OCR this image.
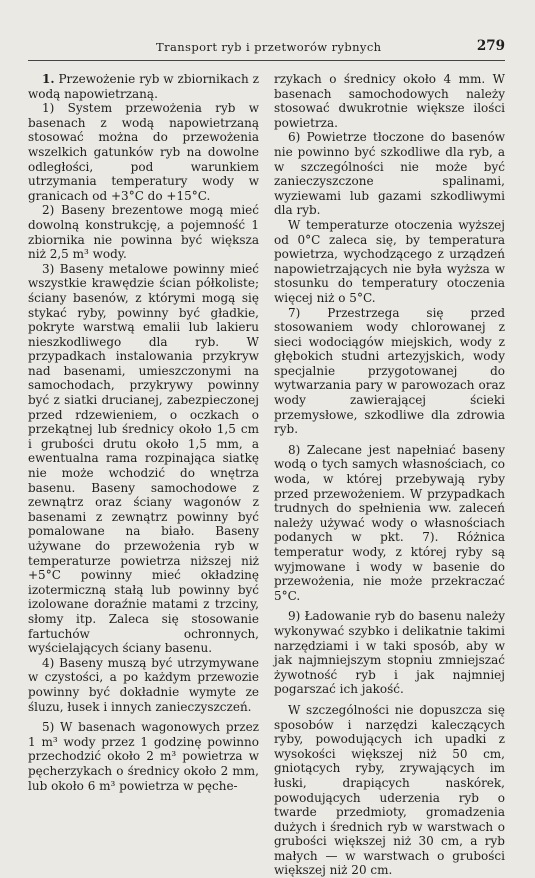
Transport ryb i przetworów rybnych	279

1. Przewożenie ryb w zbiornikach z wodą napowietrzaną.

1) System przewożenia ryb w basenach z wodą napowietrzaną stosować można do przewożenia wszelkich gatunków ryb na dowolne odległości, pod warunkiem utrzymania temperatury wody w granicach od +3°C do +15°C.

2) Baseny brezentowe mogą mieć dowolną konstrukcję, a pojemność 1 zbiornika nie powinna być większa niż 2,5 m³ wody.

3) Baseny metalowe powinny mieć wszystkie krawędzie ścian półkoliste; ściany basenów, z którymi mogą się stykać ryby, powinny być gładkie, pokryte warstwą emalii lub lakieru nieszkodliwego dla ryb. W przypadkach instalowania przykryw nad basenami, umieszczonymi na samochodach, przykrywy powinny być z siatki drucianej, zabezpieczonej przed rdzewieniem, o oczkach o przekątnej lub średnicy około 1,5 cm i grubości drutu około 1,5 mm, a ewentualna rama rozpinająca siatkę nie może wchodzić do wnętrza basenu. Baseny samochodowe z zewnątrz oraz ściany wagonów z basenami z zewnątrz powinny być pomalowane na biało. Baseny używane do przewożenia ryb w temperaturze powietrza niższej niż +5°C powinny mieć okładzinę izotermiczną stałą lub powinny być izolowane doraźnie matami z trzciny, słomy itp. Zaleca się stosowanie fartuchów ochronnych, wyścielających ściany basenu.

4) Baseny muszą być utrzymywane w czystości, a po każdym przewozie powinny być dokładnie wymyte ze śluzu, łusek i innych zanieczyszczeń.

5) W basenach wagonowych przez 1 m³ wody przez 1 godzinę powinno przechodzić około 2 m³ powietrza w pęcherzykach o średnicy około 2 mm, lub około 6 m³ powietrza w pęche-

rzykach o średnicy około 4 mm. W basenach samochodowych należy stosować dwukrotnie większe ilości powietrza.

6) Powietrze tłoczone do basenów nie powinno być szkodliwe dla ryb, a w szczególności nie może być zanieczyszczone spalinami, wyziewami lub gazami szkodliwymi dla ryb.

W temperaturze otoczenia wyższej od 0°C zaleca się, by temperatura powietrza, wychodzącego z urządzeń napowietrzających nie była wyższa w stosunku do temperatury otoczenia więcej niż o 5°C.

7) Przestrzega się przed stosowaniem wody chlorowanej z sieci wodociągów miejskich, wody z głębokich studni artezyjskich, wody specjalnie przygotowanej do wytwarzania pary w parowozach oraz wody zawierającej ścieki przemysłowe, szkodliwe dla zdrowia ryb.

8) Zalecane jest napełniać baseny wodą o tych samych własnościach, co woda, w której przebywają ryby przed przewożeniem. W przypadkach trudnych do spełnienia ww. zaleceń należy używać wody o własnościach podanych w pkt. 7). Różnica temperatur wody, z której ryby są wyjmowane i wody w basenie do przewożenia, nie może przekraczać 5°C.

9) Ładowanie ryb do basenu należy wykonywać szybko i delikatnie takimi narzędziami i w taki sposób, aby w jak najmniejszym stopniu zmniejszać żywotność ryb i jak najmniej pogarszać ich jakość.

W szczególności nie dopuszcza się sposobów i narzędzi kaleczących ryby, powodujących ich upadki z wysokości większej niż 50 cm, gniotących ryby, zrywających im łuski, drapiących naskórek, powodujących uderzenia ryb o twarde przedmioty, gromadzenia dużych i średnich ryb w warstwach o grubości większej niż 30 cm, a ryb małych — w warstwach o grubości większej niż 20 cm.
